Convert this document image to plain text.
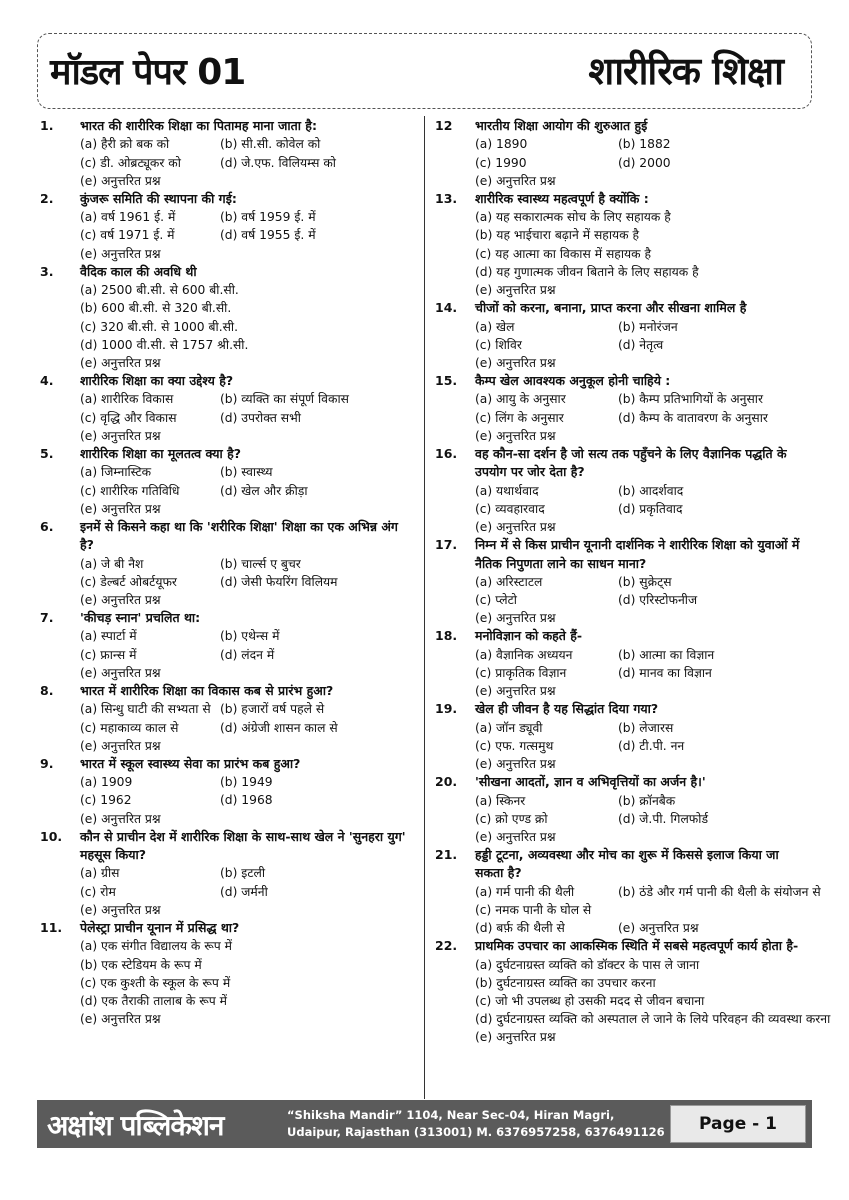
मॉडल पेपर 01	शारीरिक शिक्षा
1.	भारत की शारीरिक शिक्षा का पितामह माना जाता है:
(a) हैरी क्रो बक को	(b) सी.सी. कोवेल को
(c) डी. ओब्रट्यूकर को	(d) जे.एफ. विलियम्स को
(e) अनुत्तरित प्रश्न
2.	कुंजरू समिति की स्थापना की गई:
(a) वर्ष 1961 ई. में	(b) वर्ष 1959 ई. में
(c) वर्ष 1971 ई. में	(d) वर्ष 1955 ई. में
(e) अनुत्तरित प्रश्न
3.	वैदिक काल की अवधि थी
(a) 2500 बी.सी. से 600 बी.सी.
(b) 600 बी.सी. से 320 बी.सी.
(c) 320 बी.सी. से 1000 बी.सी.
(d) 1000 वी.सी. से 1757 श्री.सी.
(e) अनुत्तरित प्रश्न
4.	शारीरिक शिक्षा का क्या उद्देश्य है?
(a) शारीरिक विकास	(b) व्यक्ति का संपूर्ण विकास
(c) वृद्धि और विकास	(d) उपरोक्त सभी
(e) अनुत्तरित प्रश्न
5.	शारीरिक शिक्षा का मूलतत्व क्या है?
(a) जिम्नास्टिक	(b) स्वास्थ्य
(c) शारीरिक गतिविधि	(d) खेल और क्रीड़ा
(e) अनुत्तरित प्रश्न
6.	इनमें से किसने कहा था कि 'शरीरिक शिक्षा' शिक्षा का एक अभिन्न अंग है?
(a) जे बी नैश	(b) चार्ल्स ए बुचर
(c) डेल्बर्ट ओबर्टयूफर	(d) जेसी फेयरिंग विलियम
(e) अनुत्तरित प्रश्न
7.	'कीचड़ स्नान' प्रचलित था:
(a) स्पार्टा में	(b) एथेन्स में
(c) फ्रान्स में	(d) लंदन में
(e) अनुत्तरित प्रश्न
8.	भारत में शारीरिक शिक्षा का विकास कब से प्रारंभ हुआ?
(a) सिन्धु घाटी की सभ्यता से (b) हजारों वर्ष पहले से
(c) महाकाव्य काल से	(d) अंग्रेजी शासन काल से
(e) अनुत्तरित प्रश्न
9.	भारत में स्कूल स्वास्थ्य सेवा का प्रारंभ कब हुआ?
(a) 1909	(b) 1949
(c) 1962	(d) 1968
(e) अनुत्तरित प्रश्न
10.	कौन से प्राचीन देश में शारीरिक शिक्षा के साथ-साथ खेल ने 'सुनहरा युग' महसूस किया?
(a) ग्रीस	(b) इटली
(c) रोम	(d) जर्मनी
(e) अनुत्तरित प्रश्न
11.	पेलेस्ट्रा प्राचीन यूनान में प्रसिद्ध था?
(a) एक संगीत विद्यालय के रूप में
(b) एक स्टेडियम के रूप में
(c) एक कुश्ती के स्कूल के रूप में
(d) एक तैराकी तालाब के रूप में
(e) अनुत्तरित प्रश्न
12	भारतीय शिक्षा आयोग की शुरुआत हुई
(a) 1890	(b) 1882
(c) 1990	(d) 2000
(e) अनुत्तरित प्रश्न
13.	शारीरिक स्वास्थ्य महत्वपूर्ण है क्योंकि :
(a) यह सकारात्मक सोच के लिए सहायक है
(b) यह भाईचारा बढ़ाने में सहायक है
(c) यह आत्मा का विकास में सहायक है
(d) यह गुणात्मक जीवन बिताने के लिए सहायक है
(e) अनुत्तरित प्रश्न
14.	चीजों को करना, बनाना, प्राप्त करना और सीखना शामिल है
(a) खेल	(b) मनोरंजन
(c) शिविर	(d) नेतृत्व
(e) अनुत्तरित प्रश्न
15.	कैम्प खेल आवश्यक अनुकूल होनी चाहिये :
(a) आयु के अनुसार	(b) कैम्प प्रतिभागियों के अनुसार
(c) लिंग के अनुसार	(d) कैम्प के वातावरण के अनुसार
(e) अनुत्तरित प्रश्न
16.	वह कौन-सा दर्शन है जो सत्य तक पहुँचने के लिए वैज्ञानिक पद्धति के उपयोग पर जोर देता है?
(a) यथार्थवाद	(b) आदर्शवाद
(c) व्यवहारवाद	(d) प्रकृतिवाद
(e) अनुत्तरित प्रश्न
17.	निम्न में से किस प्राचीन यूनानी दार्शनिक ने शारीरिक शिक्षा को युवाओं में नैतिक निपुणता लाने का साधन माना?
(a) अरिस्टाटल	(b) सुक्रेट्स
(c) प्लेटो	(d) एरिस्टोफनीज
(e) अनुत्तरित प्रश्न
18.	मनोविज्ञान को कहते हैं-
(a) वैज्ञानिक अध्ययन	(b) आत्मा का विज्ञान
(c) प्राकृतिक विज्ञान	(d) मानव का विज्ञान
(e) अनुत्तरित प्रश्न
19.	खेल ही जीवन है यह सिद्धांत दिया गया?
(a) जॉन ड्यूवी	(b) लेजारस
(c) एफ. गत्समुथ	(d) टी.पी. नन
(e) अनुत्तरित प्रश्न
20.	'सीखना आदतों, ज्ञान व अभिवृत्तियों का अर्जन है।'
(a) स्किनर	(b) क्रॉनबैक
(c) क्रो एण्ड क्रो	(d) जे.पी. गिलफोर्ड
(e) अनुत्तरित प्रश्न
21.	हड्डी टूटना, अव्यवस्था और मोच का शुरू में किससे इलाज किया जा सकता है?
(a) गर्म पानी की थैली	(b) ठंडे और गर्म पानी की थैली के संयोजन से
(c) नमक पानी के घोल से
(d) बर्फ़ की थैली से	(e) अनुत्तरित प्रश्न
22.	प्राथमिक उपचार का आकस्मिक स्थिति में सबसे महत्वपूर्ण कार्य होता है-
(a) दुर्घटनाग्रस्त व्यक्ति को डॉक्टर के पास ले जाना
(b) दुर्घटनाग्रस्त व्यक्ति का उपचार करना
(c) जो भी उपलब्ध हो उसकी मदद से जीवन बचाना
(d) दुर्घटनाग्रस्त व्यक्ति को अस्पताल ले जाने के लिये परिवहन की व्यवस्था करना
(e) अनुत्तरित प्रश्न
अक्षांश पब्लिकेशन	“Shiksha Mandir” 1104, Near Sec-04, Hiran Magri,
Udaipur, Rajasthan (313001) M. 6376957258, 6376491126	Page - 1
